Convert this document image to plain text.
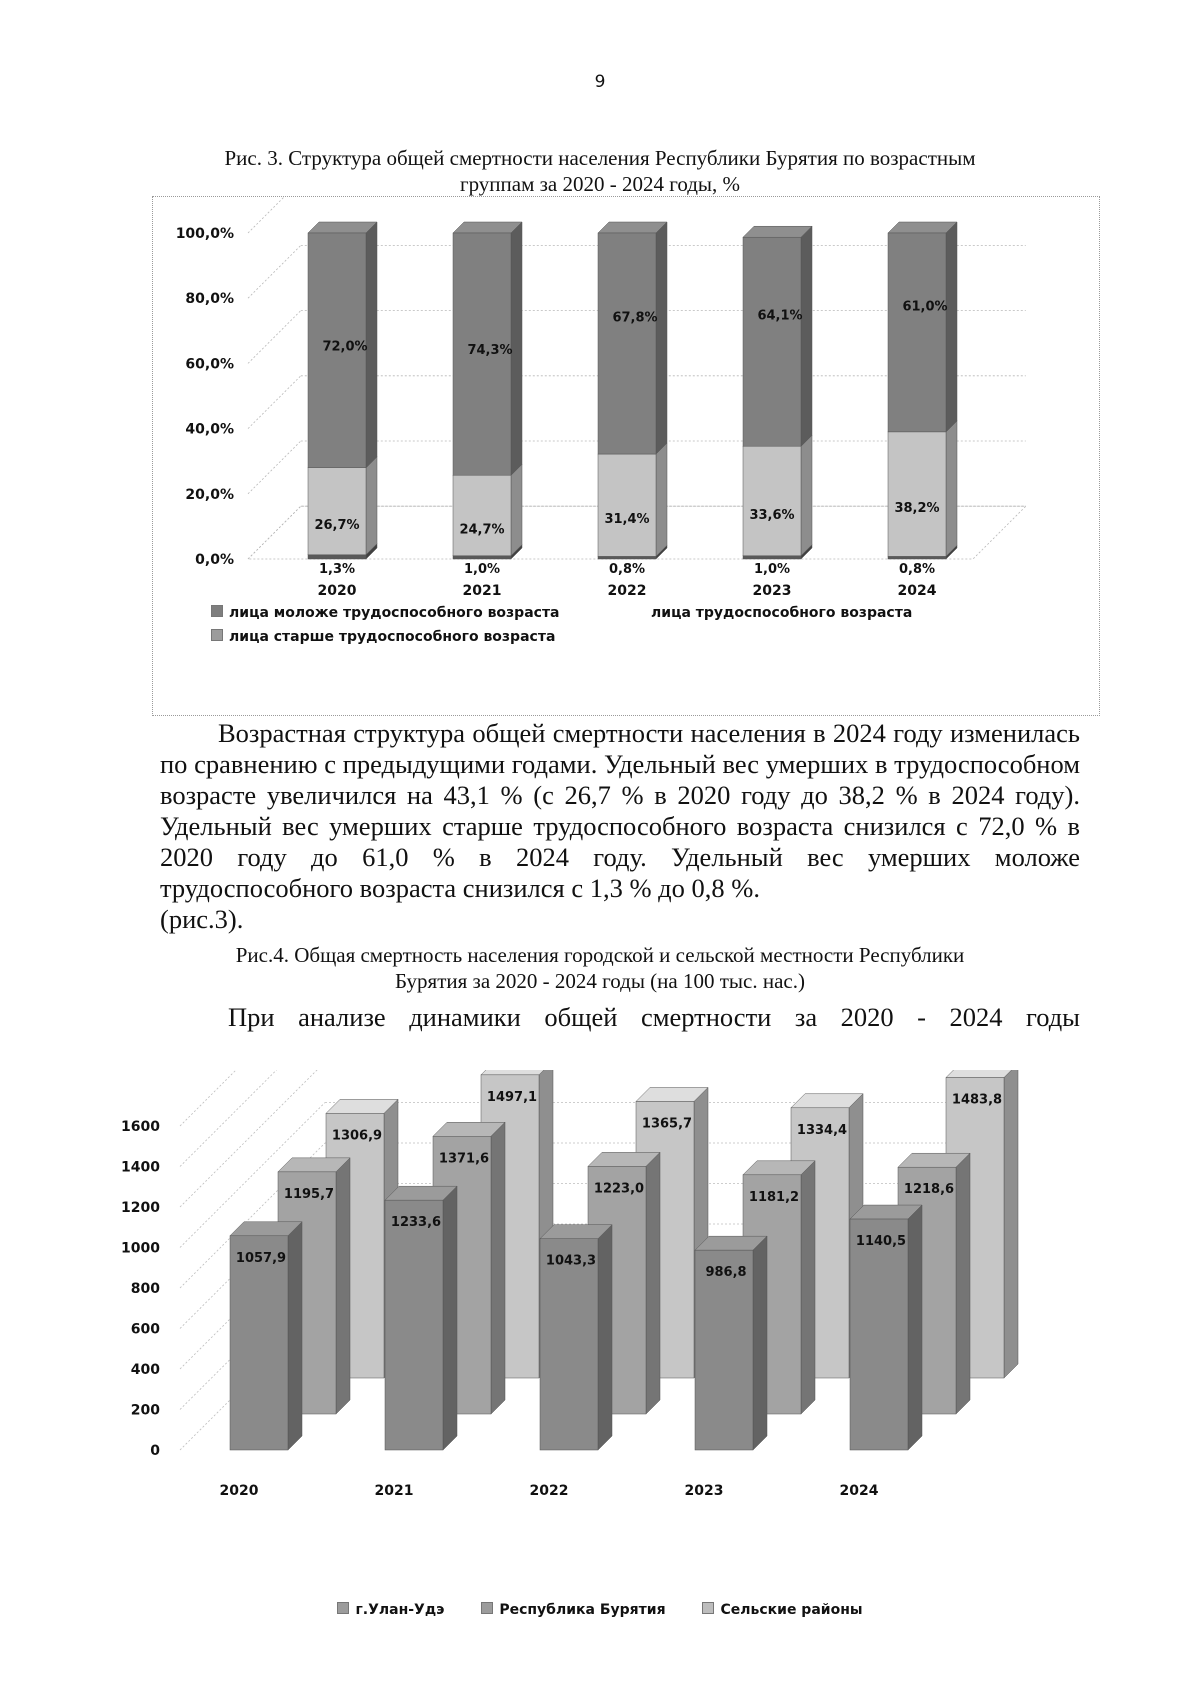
9
Рис. 3. Структура общей смертности населения Республики Бурятия по возрастным
группам за 2020 - 2024 годы, %
0,0%
20,0%
40,0%
60,0%
80,0%
100,0%
26,7%
72,0%
1,3%
2020
24,7%
74,3%
1,0%
2021
31,4%
67,8%
0,8%
2022
33,6%
64,1%
1,0%
2023
38,2%
61,0%
0,8%
2024
лица моложе трудоспособного возраста	лица трудоспособного возраста
лица старше трудоспособного возраста
Возрастная структура общей смертности населения в 2024 году изменилась по сравнению с предыдущими годами. Удельный вес умерших в трудоспособном возрасте увеличился на 43,1 % (с 26,7 % в 2020 году до 38,2 % в 2024 году). Удельный вес умерших старше трудоспособного возраста снизился с 72,0 % в 2020 году до 61,0 % в 2024 году. Удельный вес умерших моложе трудоспособного возраста снизился с 1,3 % до 0,8 %.
(рис.3).
Рис.4. Общая смертность населения городской и сельской местности Республики
Бурятия за 2020 - 2024 годы (на 100 тыс. нас.)
При анализе динамики общей смертности за 2020 - 2024 годы
0
200
400
600
800
1000
1200
1400
1600
1306,9
1497,1
1365,7	1334,4
1483,8
1195,7
1371,6
1223,0
1181,2
1218,6
1057,9
1233,6
1043,3
986,8
1140,5
2020	2021	2022	2023	2024
г.Улан-Удэ	Республика Бурятия	Сельские районы
